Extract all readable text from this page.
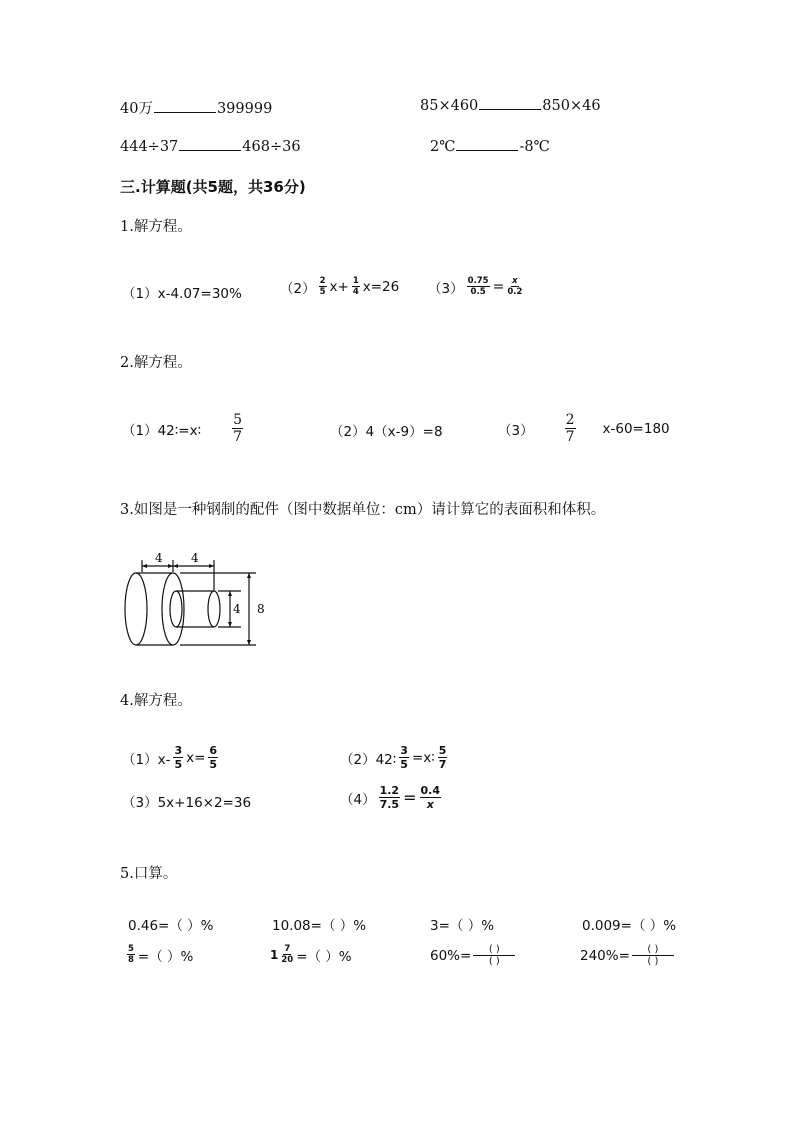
40万	399999	85×460	850×46
444÷37	468÷36	2℃	-8℃
三.计算题(共5题，共36分)
1.解方程。
（1）x-4.07=30%	$(2) \frac{2}{5} x+ \frac{1}{4} x=26$ $(3) \frac{0.75}{0.5} = \frac{x}{0.2}$
2.解方程。
（1）42∶=x∶ $\frac{5}{7}$	（2）4（x-9）=8	$(3) \frac{2}{7} x-60=180$
3.如图是一种钢制的配件（图中数据单位：cm）请计算它的表面积和体积。
4 4
4 8
4.解方程。
$(1)x- \frac{3}{5} x= \frac{6}{5}$	（2）42∶ $\frac{3}{5}$ =x∶ $\frac{5}{7}$
（3）5x+16×2=36	$(4) \frac{1.2}{7.5} = \frac{0.4}{x}$
5.口算。
0.46=（ ）%	10.08=（ ）%	3=（ ）%	0.009=（ ）%
$\frac{5}{8}$ =（ ）%	$1 \frac{7}{20}$ =（ ）%	$60\%= \frac{( )}{( )}$	$240\%= \frac{( )}{( )}$
